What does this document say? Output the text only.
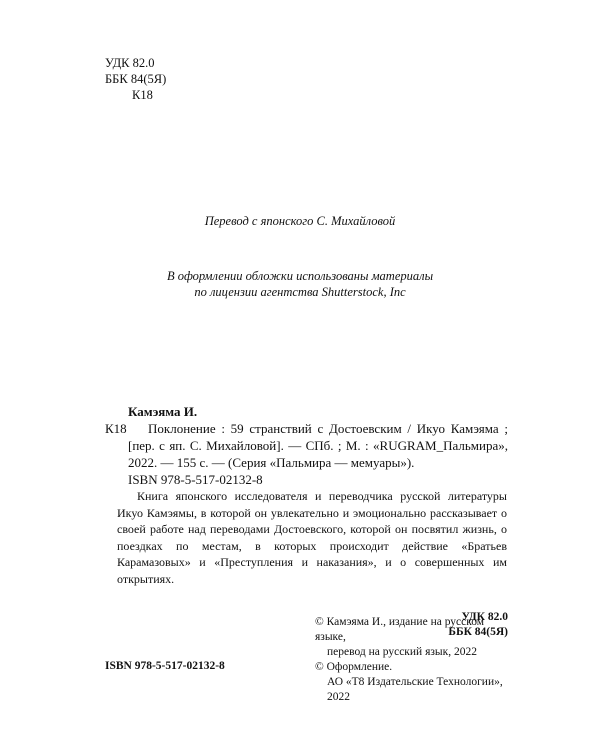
УДК 82.0
ББК 84(5Я)
К18
Перевод с японского С. Михайловой
В оформлении обложки использованы материалы
по лицензии агентства Shutterstock, Inc
Камэяма И.
К18	Поклонение : 59 странствий с Достоевским / Икуо Камэяма ; [пер. с яп. С. Михайловой]. — СПб. ; М. : «RUGRAM_Пальмира», 2022. — 155 с. — (Серия «Пальмира — мемуары»).
ISBN 978-5-517-02132-8
Книга японского исследователя и переводчика русской литературы Икуо Камэямы, в которой он увлекательно и эмоционально рассказывает о своей работе над переводами Достоевского, которой он посвятил жизнь, о поездках по местам, в которых происходит действие «Братьев Карамазовых» и «Преступления и наказания», и о совершенных им открытиях.
УДК 82.0
ББК 84(5Я)
© Камэяма И., издание на русском языке,
перевод на русский язык, 2022
© Оформление.
АО «Т8 Издательские Технологии», 2022
ISBN 978-5-517-02132-8
